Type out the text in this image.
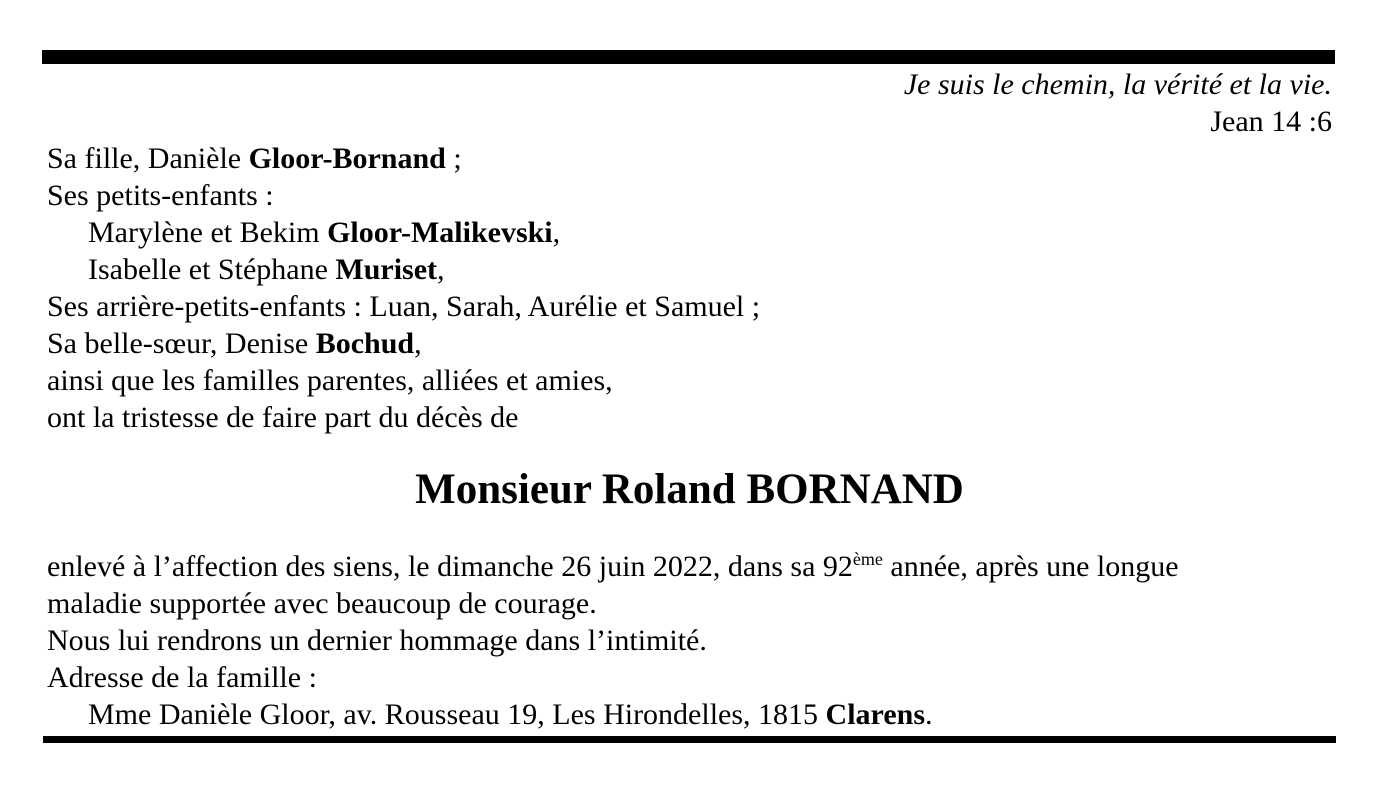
Je suis le chemin, la vérité et la vie.

Jean 14 :6

Sa fille, Danièle Gloor-Bornand ;

Ses petits-enfants :

Marylène et Bekim Gloor-Malikevski,

Isabelle et Stéphane Muriset,

Ses arrière-petits-enfants : Luan, Sarah, Aurélie et Samuel ;

Sa belle-sœur, Denise Bochud,

ainsi que les familles parentes, alliées et amies,

ont la tristesse de faire part du décès de

Monsieur Roland BORNAND

enlevé à l’affection des siens, le dimanche 26 juin 2022, dans sa 92ème année, après une longue

maladie supportée avec beaucoup de courage.

Nous lui rendrons un dernier hommage dans l’intimité.

Adresse de la famille :

Mme Danièle Gloor, av. Rousseau 19, Les Hirondelles, 1815 Clarens.
